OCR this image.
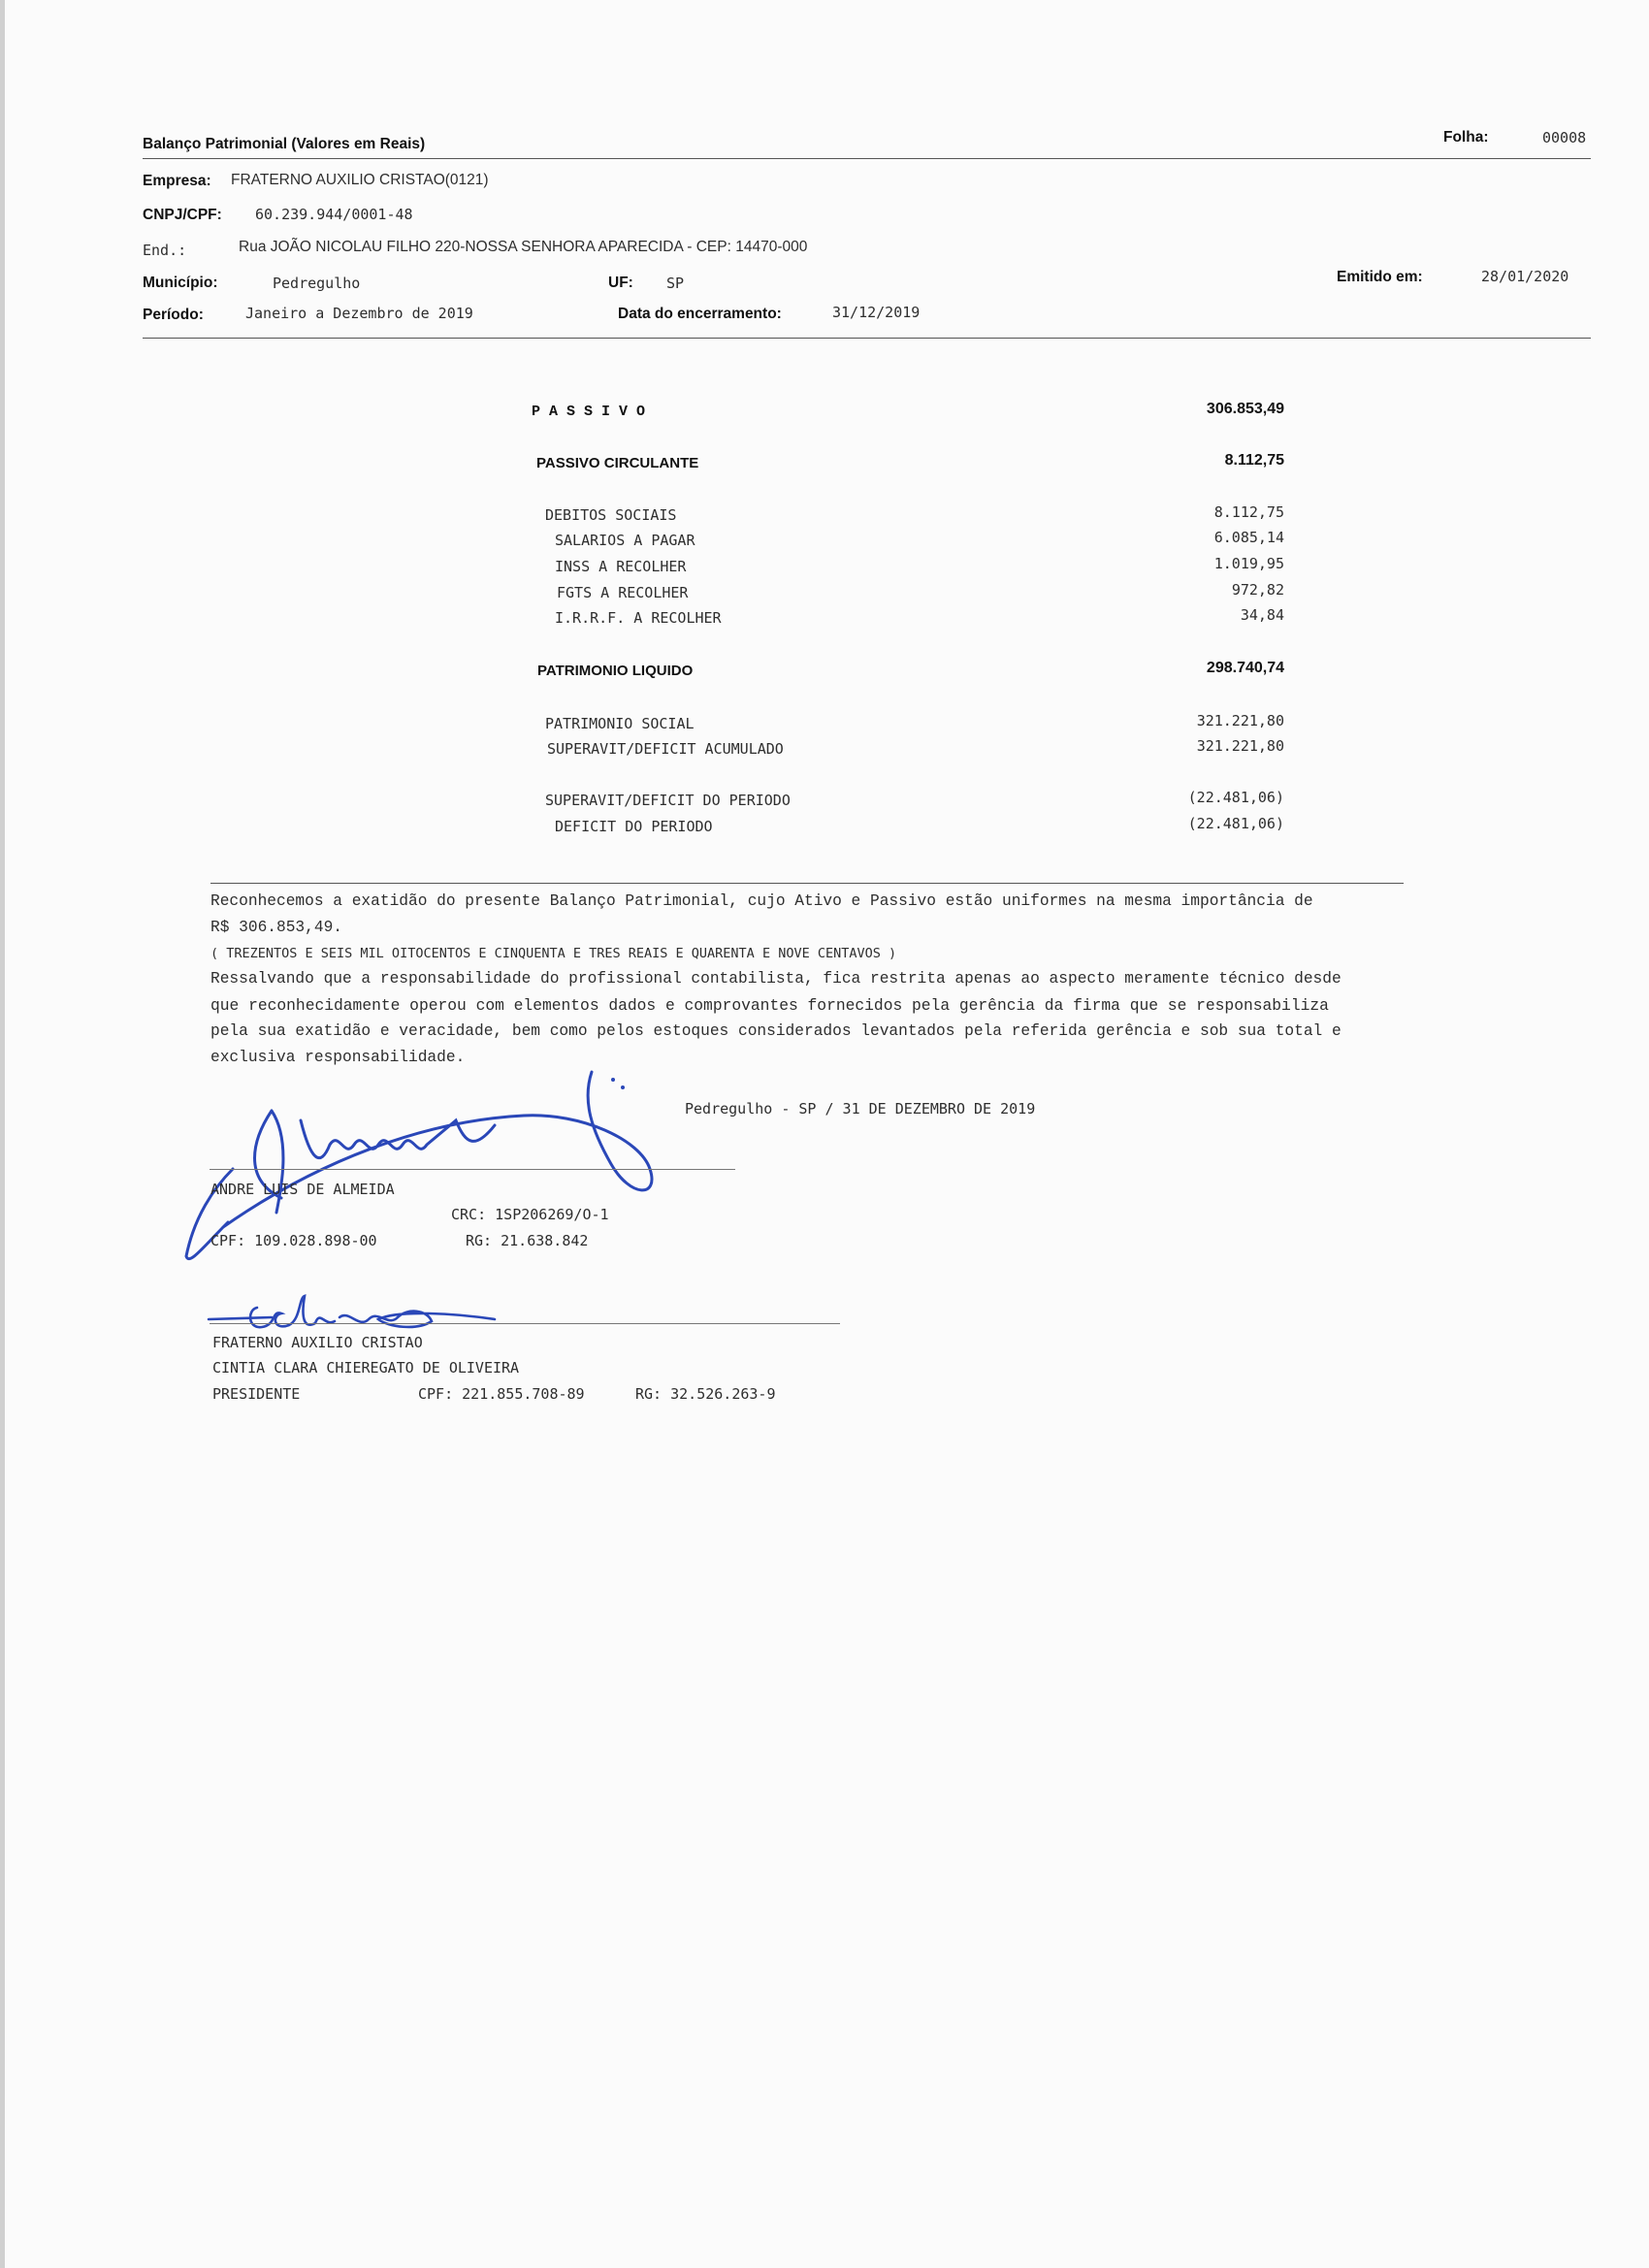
Balanço Patrimonial (Valores em Reais)	Folha:	00008
Empresa: FRATERNO AUXILIO CRISTAO(0121)
CNPJ/CPF: 60.239.944/0001-48
End.:	Rua JOÃO NICOLAU FILHO 220-NOSSA SENHORA APARECIDA - CEP: 14470-000
Município:	Pedregulho	UF: SP	Emitido em:	28/01/2020
Período:	Janeiro a Dezembro de 2019	Data do encerramento:	31/12/2019
PASSIVO	306.853,49
PASSIVO CIRCULANTE	8.112,75
DEBITOS SOCIAIS	8.112,75
SALARIOS A PAGAR	6.085,14
INSS A RECOLHER	1.019,95
FGTS A RECOLHER	972,82
I.R.R.F. A RECOLHER	34,84
PATRIMONIO LIQUIDO	298.740,74
PATRIMONIO SOCIAL	321.221,80
SUPERAVIT/DEFICIT ACUMULADO	321.221,80
SUPERAVIT/DEFICIT DO PERIODO	(22.481,06)
DEFICIT DO PERIODO	(22.481,06)
Reconhecemos a exatidão do presente Balanço Patrimonial, cujo Ativo e Passivo estão uniformes na mesma importância de
R$ 306.853,49.
( TREZENTOS E SEIS MIL OITOCENTOS E CINQUENTA E TRES REAIS E QUARENTA E NOVE CENTAVOS )
Ressalvando que a responsabilidade do profissional contabilista, fica restrita apenas ao aspecto meramente técnico desde
que reconhecidamente operou com elementos dados e comprovantes fornecidos pela gerência da firma que se responsabiliza
pela sua exatidão e veracidade, bem como pelos estoques considerados levantados pela referida gerência e sob sua total e
exclusiva responsabilidade.
Pedregulho - SP / 31 DE DEZEMBRO DE 2019
ANDRE LUIS DE ALMEIDA
CRC: 1SP206269/O-1
CPF: 109.028.898-00	RG: 21.638.842
FRATERNO AUXILIO CRISTAO
CINTIA CLARA CHIEREGATO DE OLIVEIRA
PRESIDENTE	CPF: 221.855.708-89	RG: 32.526.263-9
